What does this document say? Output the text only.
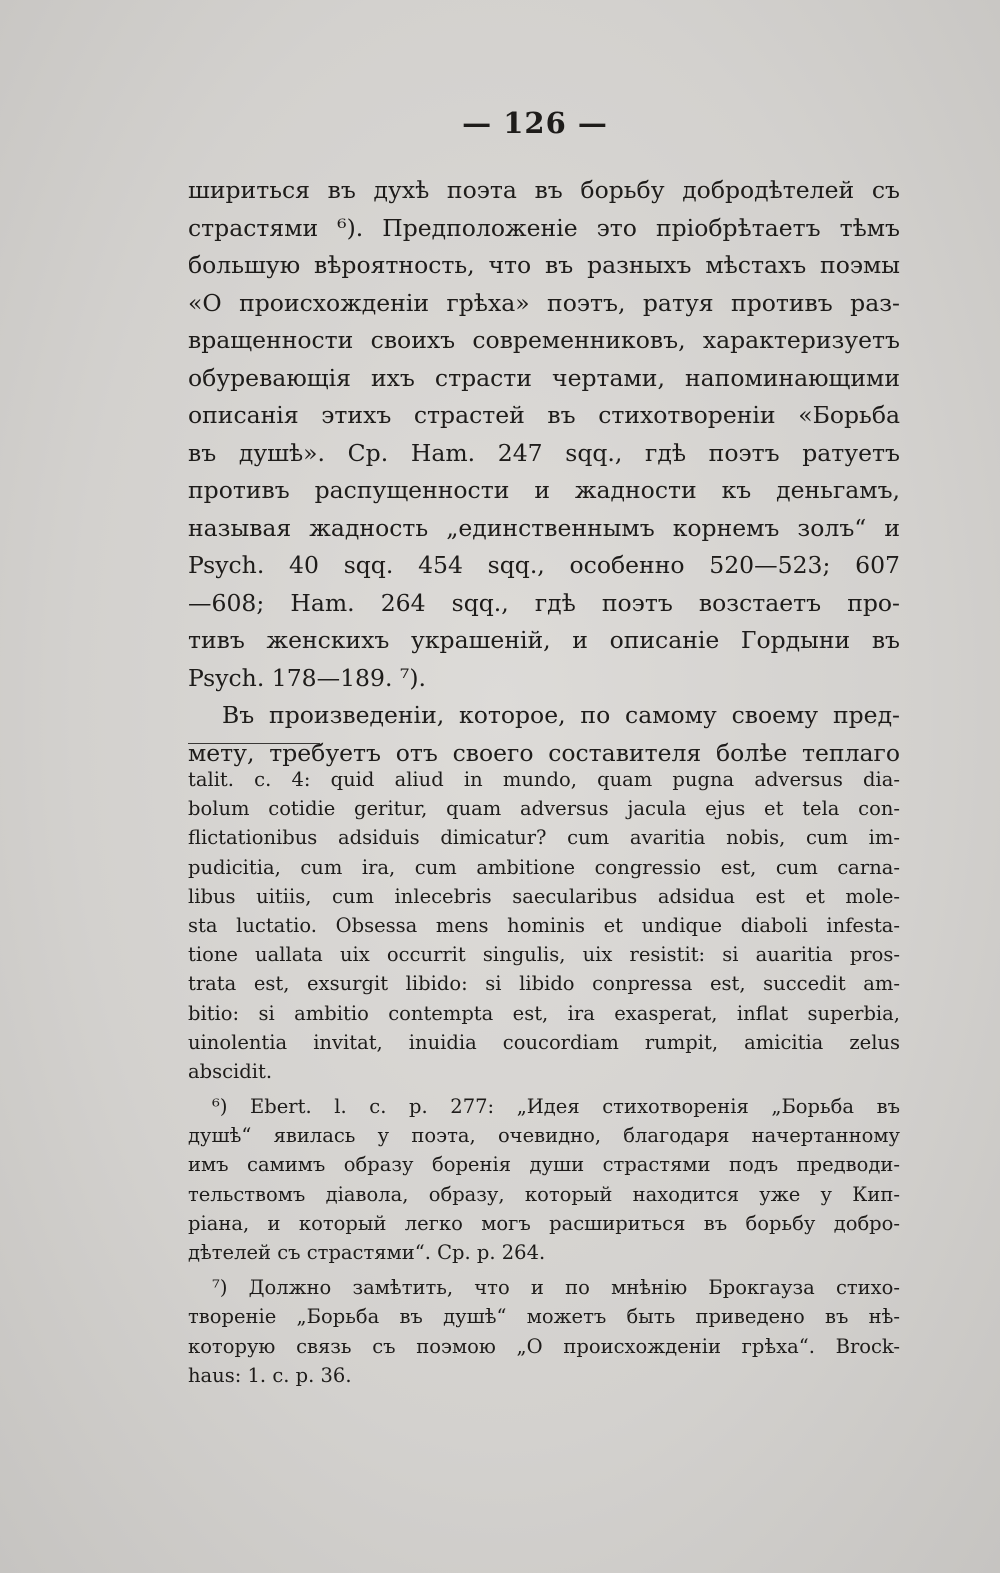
— 126 —
шириться въ духѣ поэта въ борьбу добродѣтелей съ
страстями ⁶). Предположеніе это пріобрѣтаетъ тѣмъ
большую вѣроятность, что въ разныхъ мѣстахъ поэмы
«О происхожденіи грѣха» поэтъ, ратуя противъ раз-
вращенности своихъ современниковъ, характеризуетъ
обуревающія ихъ страсти чертами, напоминающими
описанія этихъ страстей въ стихотвореніи «Борьба
въ душѣ». Ср. Ham. 247 sqq., гдѣ поэтъ ратуетъ
противъ распущенности и жадности къ деньгамъ,
называя жадность „единственнымъ корнемъ золъ“ и
Psych. 40 sqq. 454 sqq., особенно 520—523; 607
—608; Ham. 264 sqq., гдѣ поэтъ возстаетъ про-
тивъ женскихъ украшеній, и описаніе Гордыни въ
Psych. 178—189. ⁷).
Въ произведеніи, которое, по самому своему пред-
мету, требуетъ отъ своего составителя болѣе теплаго
talit. c. 4: quid aliud in mundo, quam pugna adversus dia-
bolum cotidie geritur, quam adversus jacula ejus et tela con-
flictationibus adsiduis dimicatur? cum avaritia nobis, cum im-
pudicitia, cum ira, cum ambitione congressio est, cum carna-
libus uitiis, cum inlecebris saecularibus adsidua est et mole-
sta luctatio. Obsessa mens hominis et undique diaboli infesta-
tione uallata uix occurrit singulis, uix resistit: si auaritia pros-
trata est, exsurgit libido: si libido conpressa est, succedit am-
bitio: si ambitio contempta est, ira exasperat, inflat superbia,
uinolentia invitat, inuidia coucordiam rumpit, amicitia zelus
abscidit.
⁶) Ebert. l. c. p. 277: „Идея стихотворенія „Борьба въ
душѣ“ явилась у поэта, очевидно, благодаря начертанному
имъ самимъ образу боренія души страстями подъ предводи-
тельствомъ діавола, образу, который находится уже у Кип-
ріана, и который легко могъ расшириться въ борьбу добро-
дѣтелей съ страстями“. Ср. p. 264.
⁷) Должно замѣтить, что и по мнѣнію Брокгауза стихо-
твореніе „Борьба въ душѣ“ можетъ быть приведено въ нѣ-
которую связь съ поэмою „О происхожденіи грѣха“. Brock-
haus: 1. c. p. 36.
